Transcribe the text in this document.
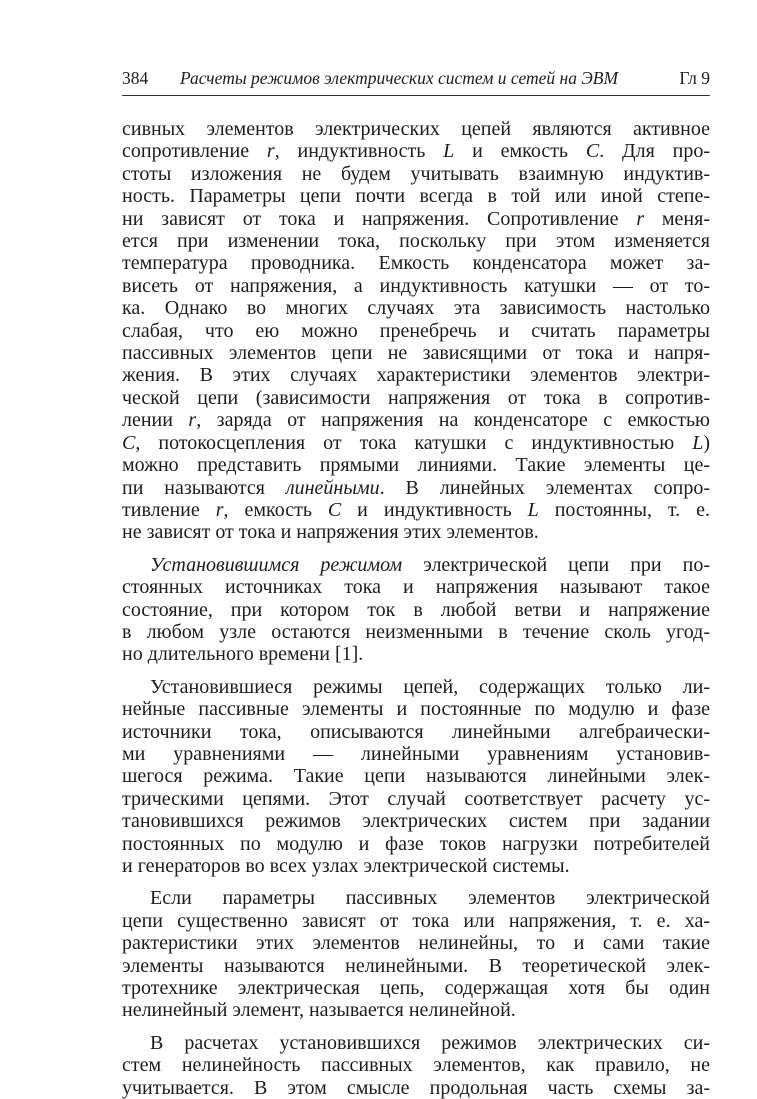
384 Расчеты режимов электрических систем и сетей на ЭВМ	Гл 9
сивных элементов электрических цепей являются активное
сопротивление r, индуктивность L и емкость C. Для про-
стоты изложения не будем учитывать взаимную индуктив-
ность. Параметры цепи почти всегда в той или иной степе-
ни зависят от тока и напряжения. Сопротивление r меня-
ется при изменении тока, поскольку при этом изменяется
температура проводника. Емкость конденсатора может за-
висеть от напряжения, а индуктивность катушки — от то-
ка. Однако во многих случаях эта зависимость настолько
слабая, что ею можно пренебречь и считать параметры
пассивных элементов цепи не зависящими от тока и напря-
жения. В этих случаях характеристики элементов электри-
ческой цепи (зависимости напряжения от тока в сопротив-
лении r, заряда от напряжения на конденсаторе с емкостью
C, потокосцепления от тока катушки с индуктивностью L)
можно представить прямыми линиями. Такие элементы це-
пи называются линейными. В линейных элементах сопро-
тивление r, емкость C и индуктивность L постоянны, т. е.
не зависят от тока и напряжения этих элементов.
Установившимся режимом электрической цепи при по-
стоянных источниках тока и напряжения называют такое
состояние, при котором ток в любой ветви и напряжение
в любом узле остаются неизменными в течение сколь угод-
но длительного времени [1].
Установившиеся режимы цепей, содержащих только ли-
нейные пассивные элементы и постоянные по модулю и фазе
источники тока, описываются линейными алгебраически-
ми уравнениями — линейными уравнениям установив-
шегося режима. Такие цепи называются линейными элек-
трическими цепями. Этот случай соответствует расчету ус-
тановившихся режимов электрических систем при задании
постоянных по модулю и фазе токов нагрузки потребителей
и генераторов во всех узлах электрической системы.
Если параметры пассивных элементов электрической
цепи существенно зависят от тока или напряжения, т. е. ха-
рактеристики этих элементов нелинейны, то и сами такие
элементы называются нелинейными. В теоретической элек-
тротехнике электрическая цепь, содержащая хотя бы один
нелинейный элемент, называется нелинейной.
В расчетах установившихся режимов электрических си-
стем нелинейность пассивных элементов, как правило, не
учитывается. В этом смысле продольная часть схемы за-
